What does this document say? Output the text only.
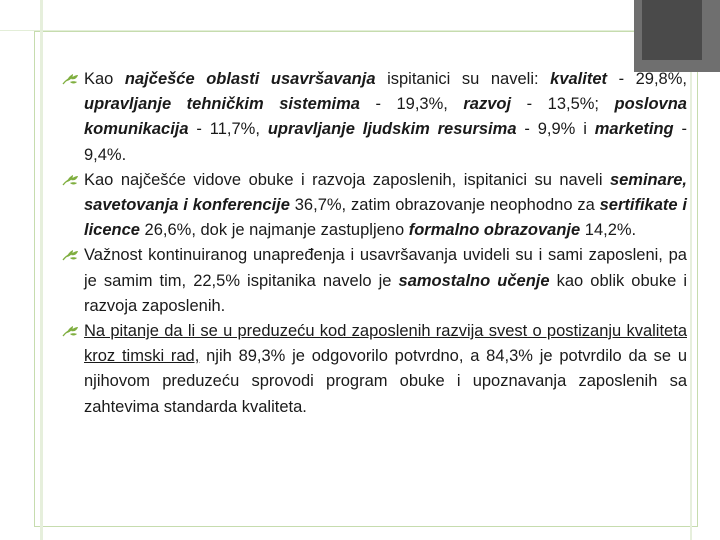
Kao najčešće oblasti usavršavanja ispitanici su naveli: kvalitet - 29,8%, upravljanje tehničkim sistemima - 19,3%, razvoj - 13,5%; poslovna komunikacija - 11,7%, upravljanje ljudskim resursima - 9,9% i marketing - 9,4%.
Kao najčešće vidove obuke i razvoja zaposlenih, ispitanici su naveli seminare, savetovanja i konferencije 36,7%, zatim obrazovanje neophodno za sertifikate i licence 26,6%, dok je najmanje zastupljeno formalno obrazovanje 14,2%.
Važnost kontinuiranog unapređenja i usavršavanja uvideli su i sami zaposleni, pa je samim tim, 22,5% ispitanika navelo je samostalno učenje kao oblik obuke i razvoja zaposlenih.
Na pitanje da li se u preduzeću kod zaposlenih razvija svest o postizanju kvaliteta kroz timski rad, njih 89,3% je odgovorilo potvrdno, a 84,3% je potvrdilo da se u njihovom preduzeću sprovodi program obuke i upoznavanja zaposlenih sa zahtevima standarda kvaliteta.
